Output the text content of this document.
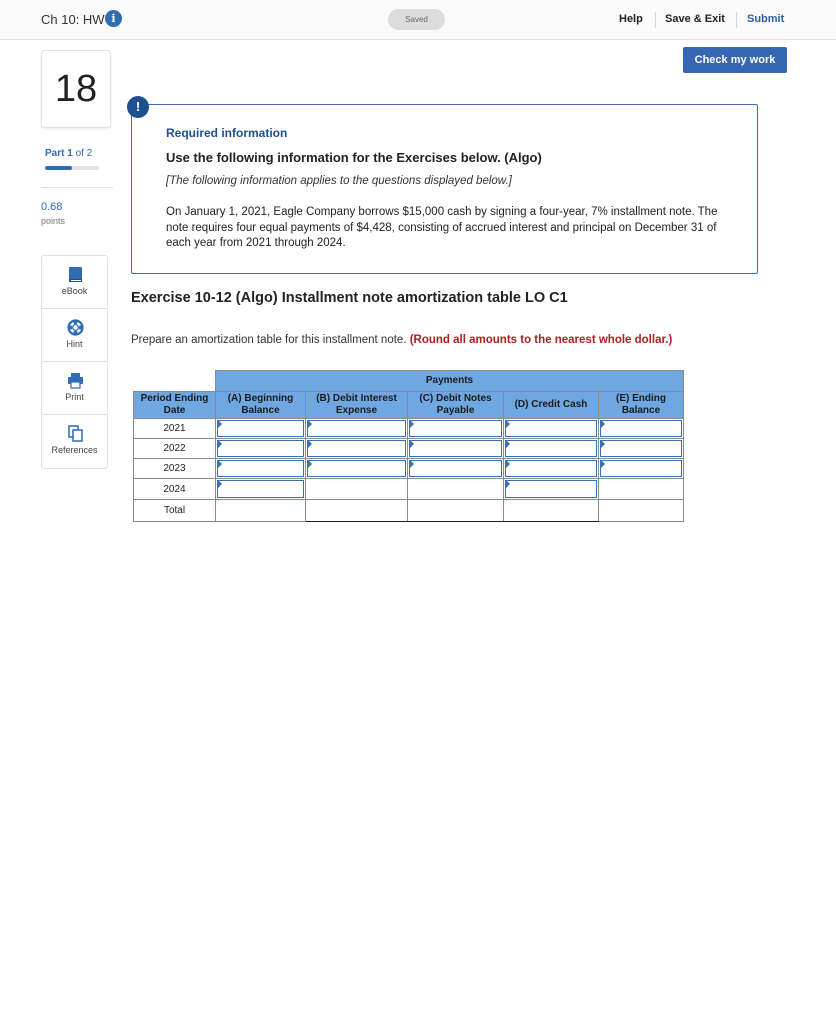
Ch 10: HW i	Saved	Help Save & Exit Submit
Check my work
18
Part 1 of 2
0.68
points
eBook
Hint
Print
References
!
Required information
Use the following information for the Exercises below. (Algo)
[The following information applies to the questions displayed below.]
On January 1, 2021, Eagle Company borrows $15,000 cash by signing a four-year, 7% installment note. The note requires four equal payments of $4,428, consisting of accrued interest and principal on December 31 of each year from 2021 through 2024.
Exercise 10-12 (Algo) Installment note amortization table LO C1
Prepare an amortization table for this installment note. (Round all amounts to the nearest whole dollar.)
	Payments				
Period Ending Date	(A) Beginning Balance	(B) Debit Interest Expense	(C) Debit Notes Payable	(D) Credit Cash	(E) Ending Balance
2021	

2022	

2023	

2024	

Total					
